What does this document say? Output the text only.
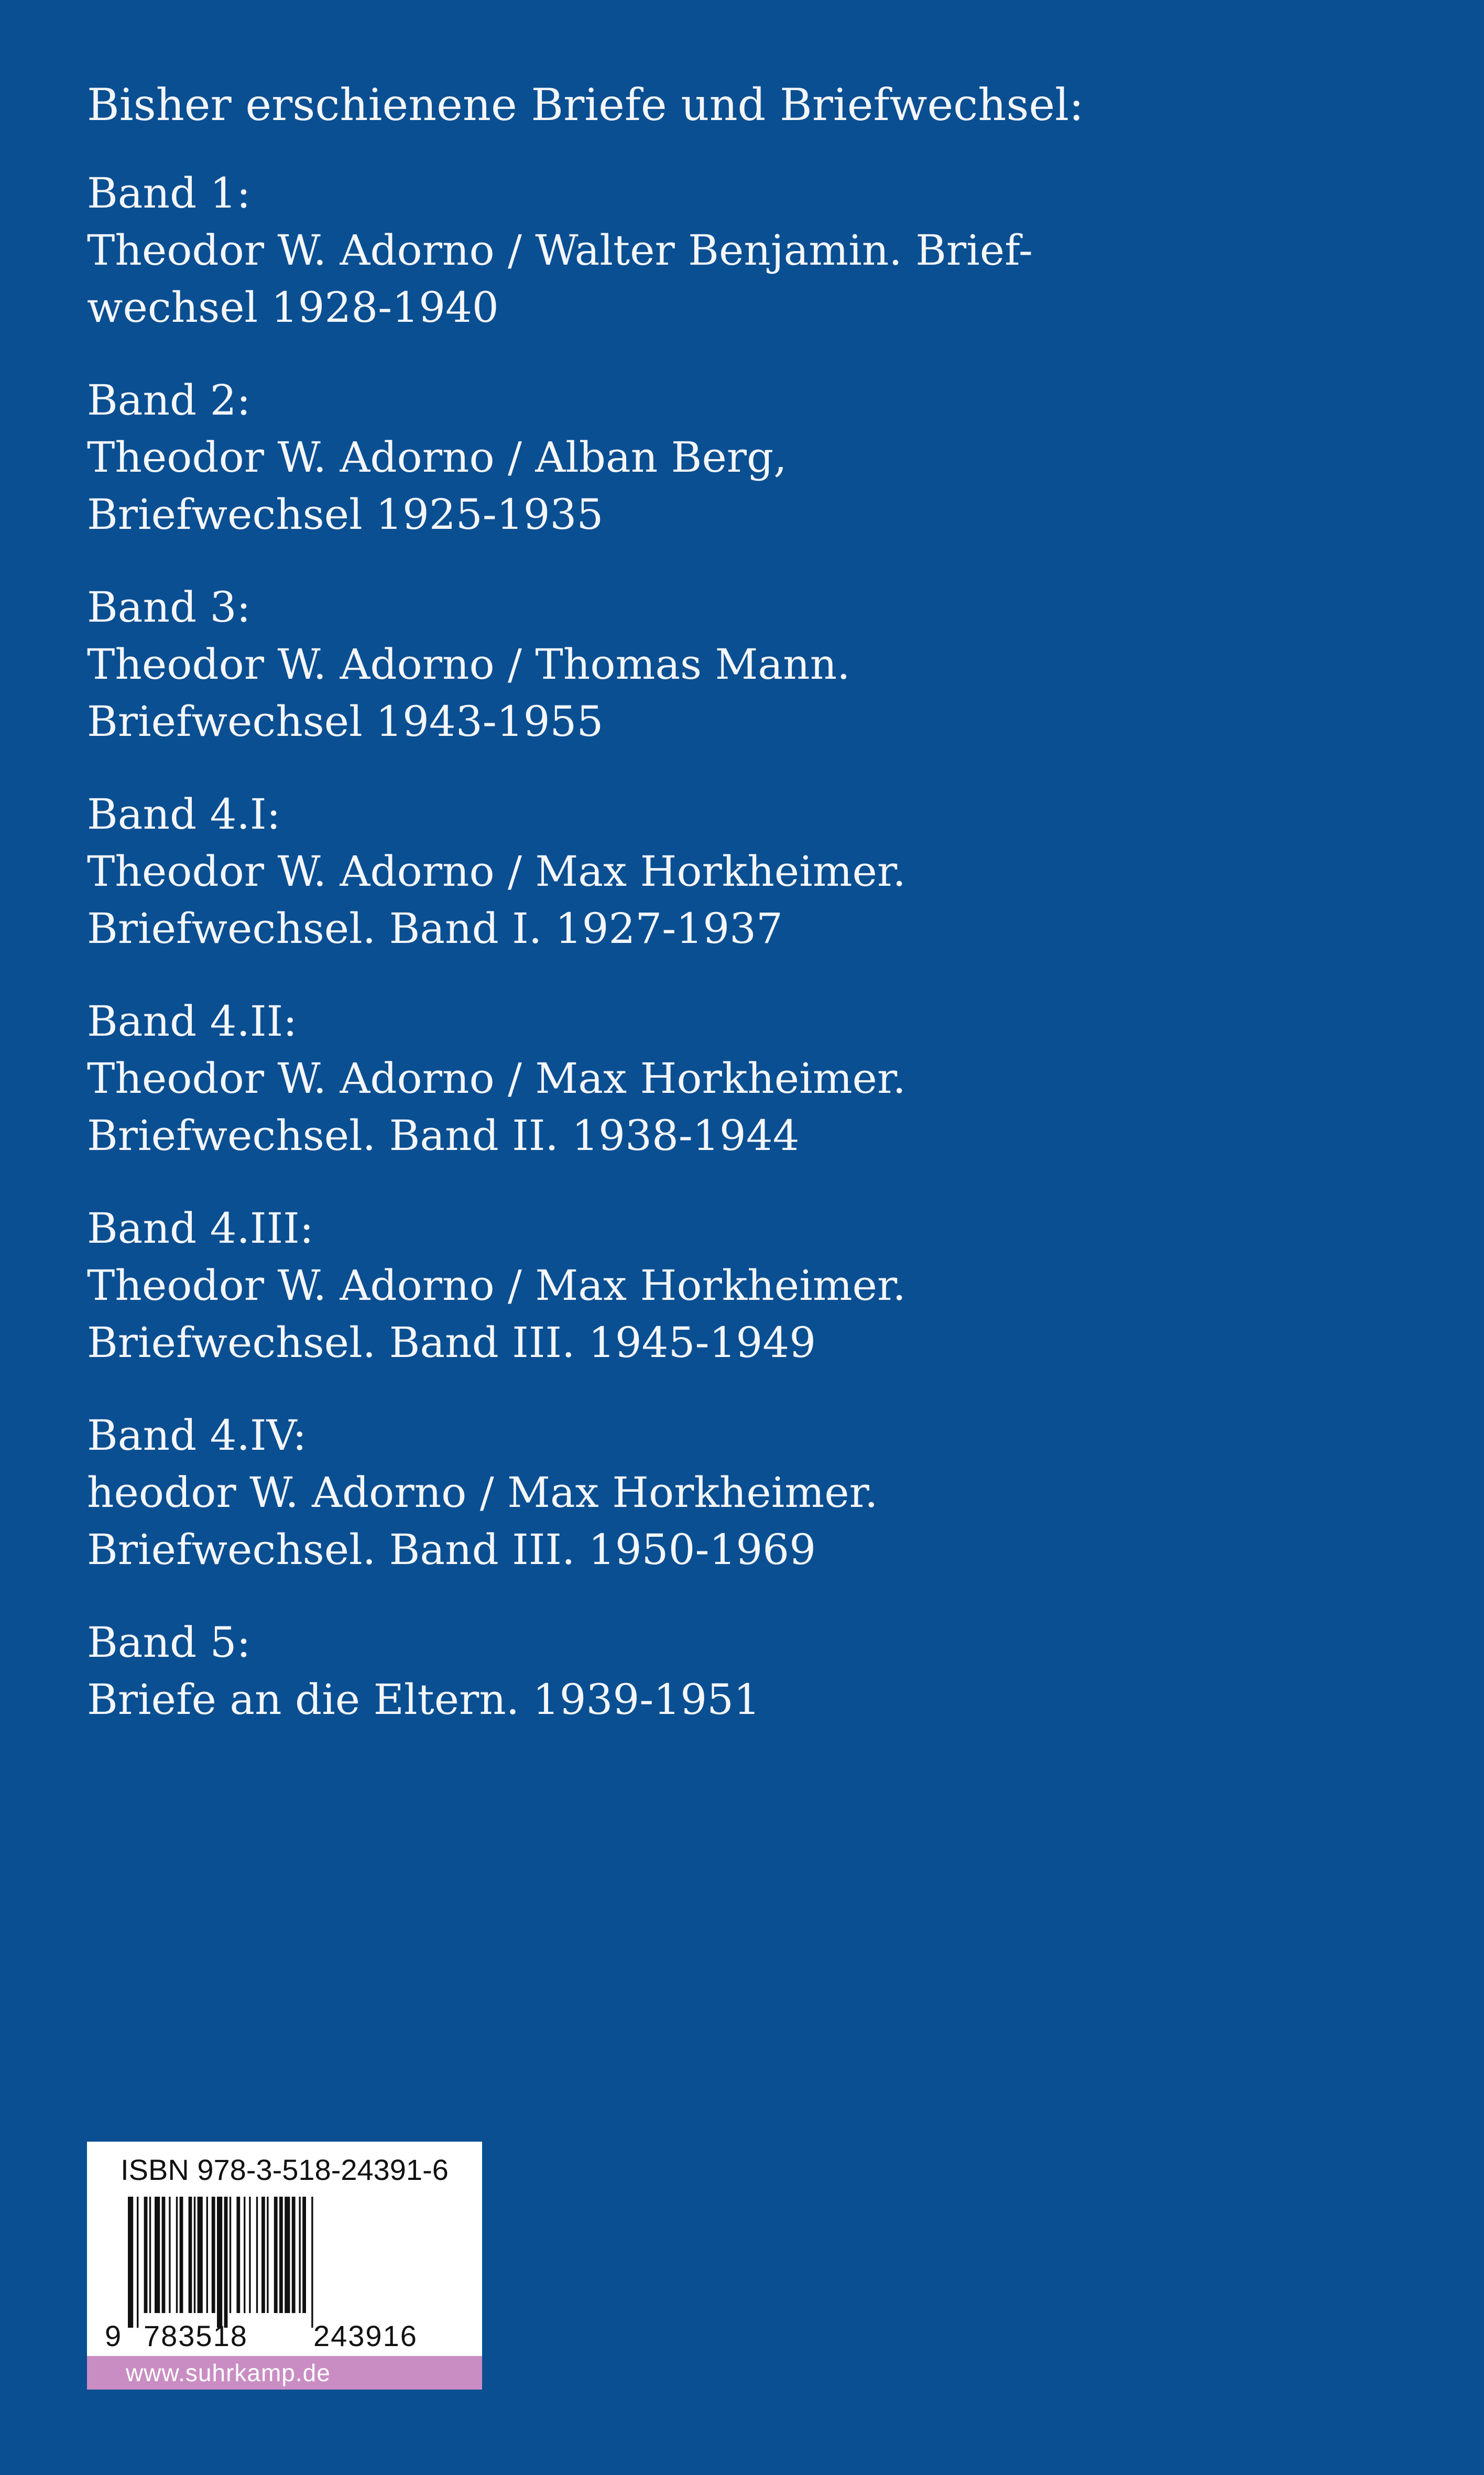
Bisher erschienene Briefe und Briefwechsel:
Band 1:
Theodor W. Adorno / Walter Benjamin. Brief-
wechsel 1928-1940
Band 2:
Theodor W. Adorno / Alban Berg,
Briefwechsel 1925-1935
Band 3:
Theodor W. Adorno / Thomas Mann.
Briefwechsel 1943-1955
Band 4.I:
Theodor W. Adorno / Max Horkheimer.
Briefwechsel. Band I. 1927-1937
Band 4.II:
Theodor W. Adorno / Max Horkheimer.
Briefwechsel. Band II. 1938-1944
Band 4.III:
Theodor W. Adorno / Max Horkheimer.
Briefwechsel. Band III. 1945-1949
Band 4.IV:
heodor W. Adorno / Max Horkheimer.
Briefwechsel. Band III. 1950-1969
Band 5:
Briefe an die Eltern. 1939-1951
ISBN 978-3-518-24391-6
9 783518 243916
www.suhrkamp.de
